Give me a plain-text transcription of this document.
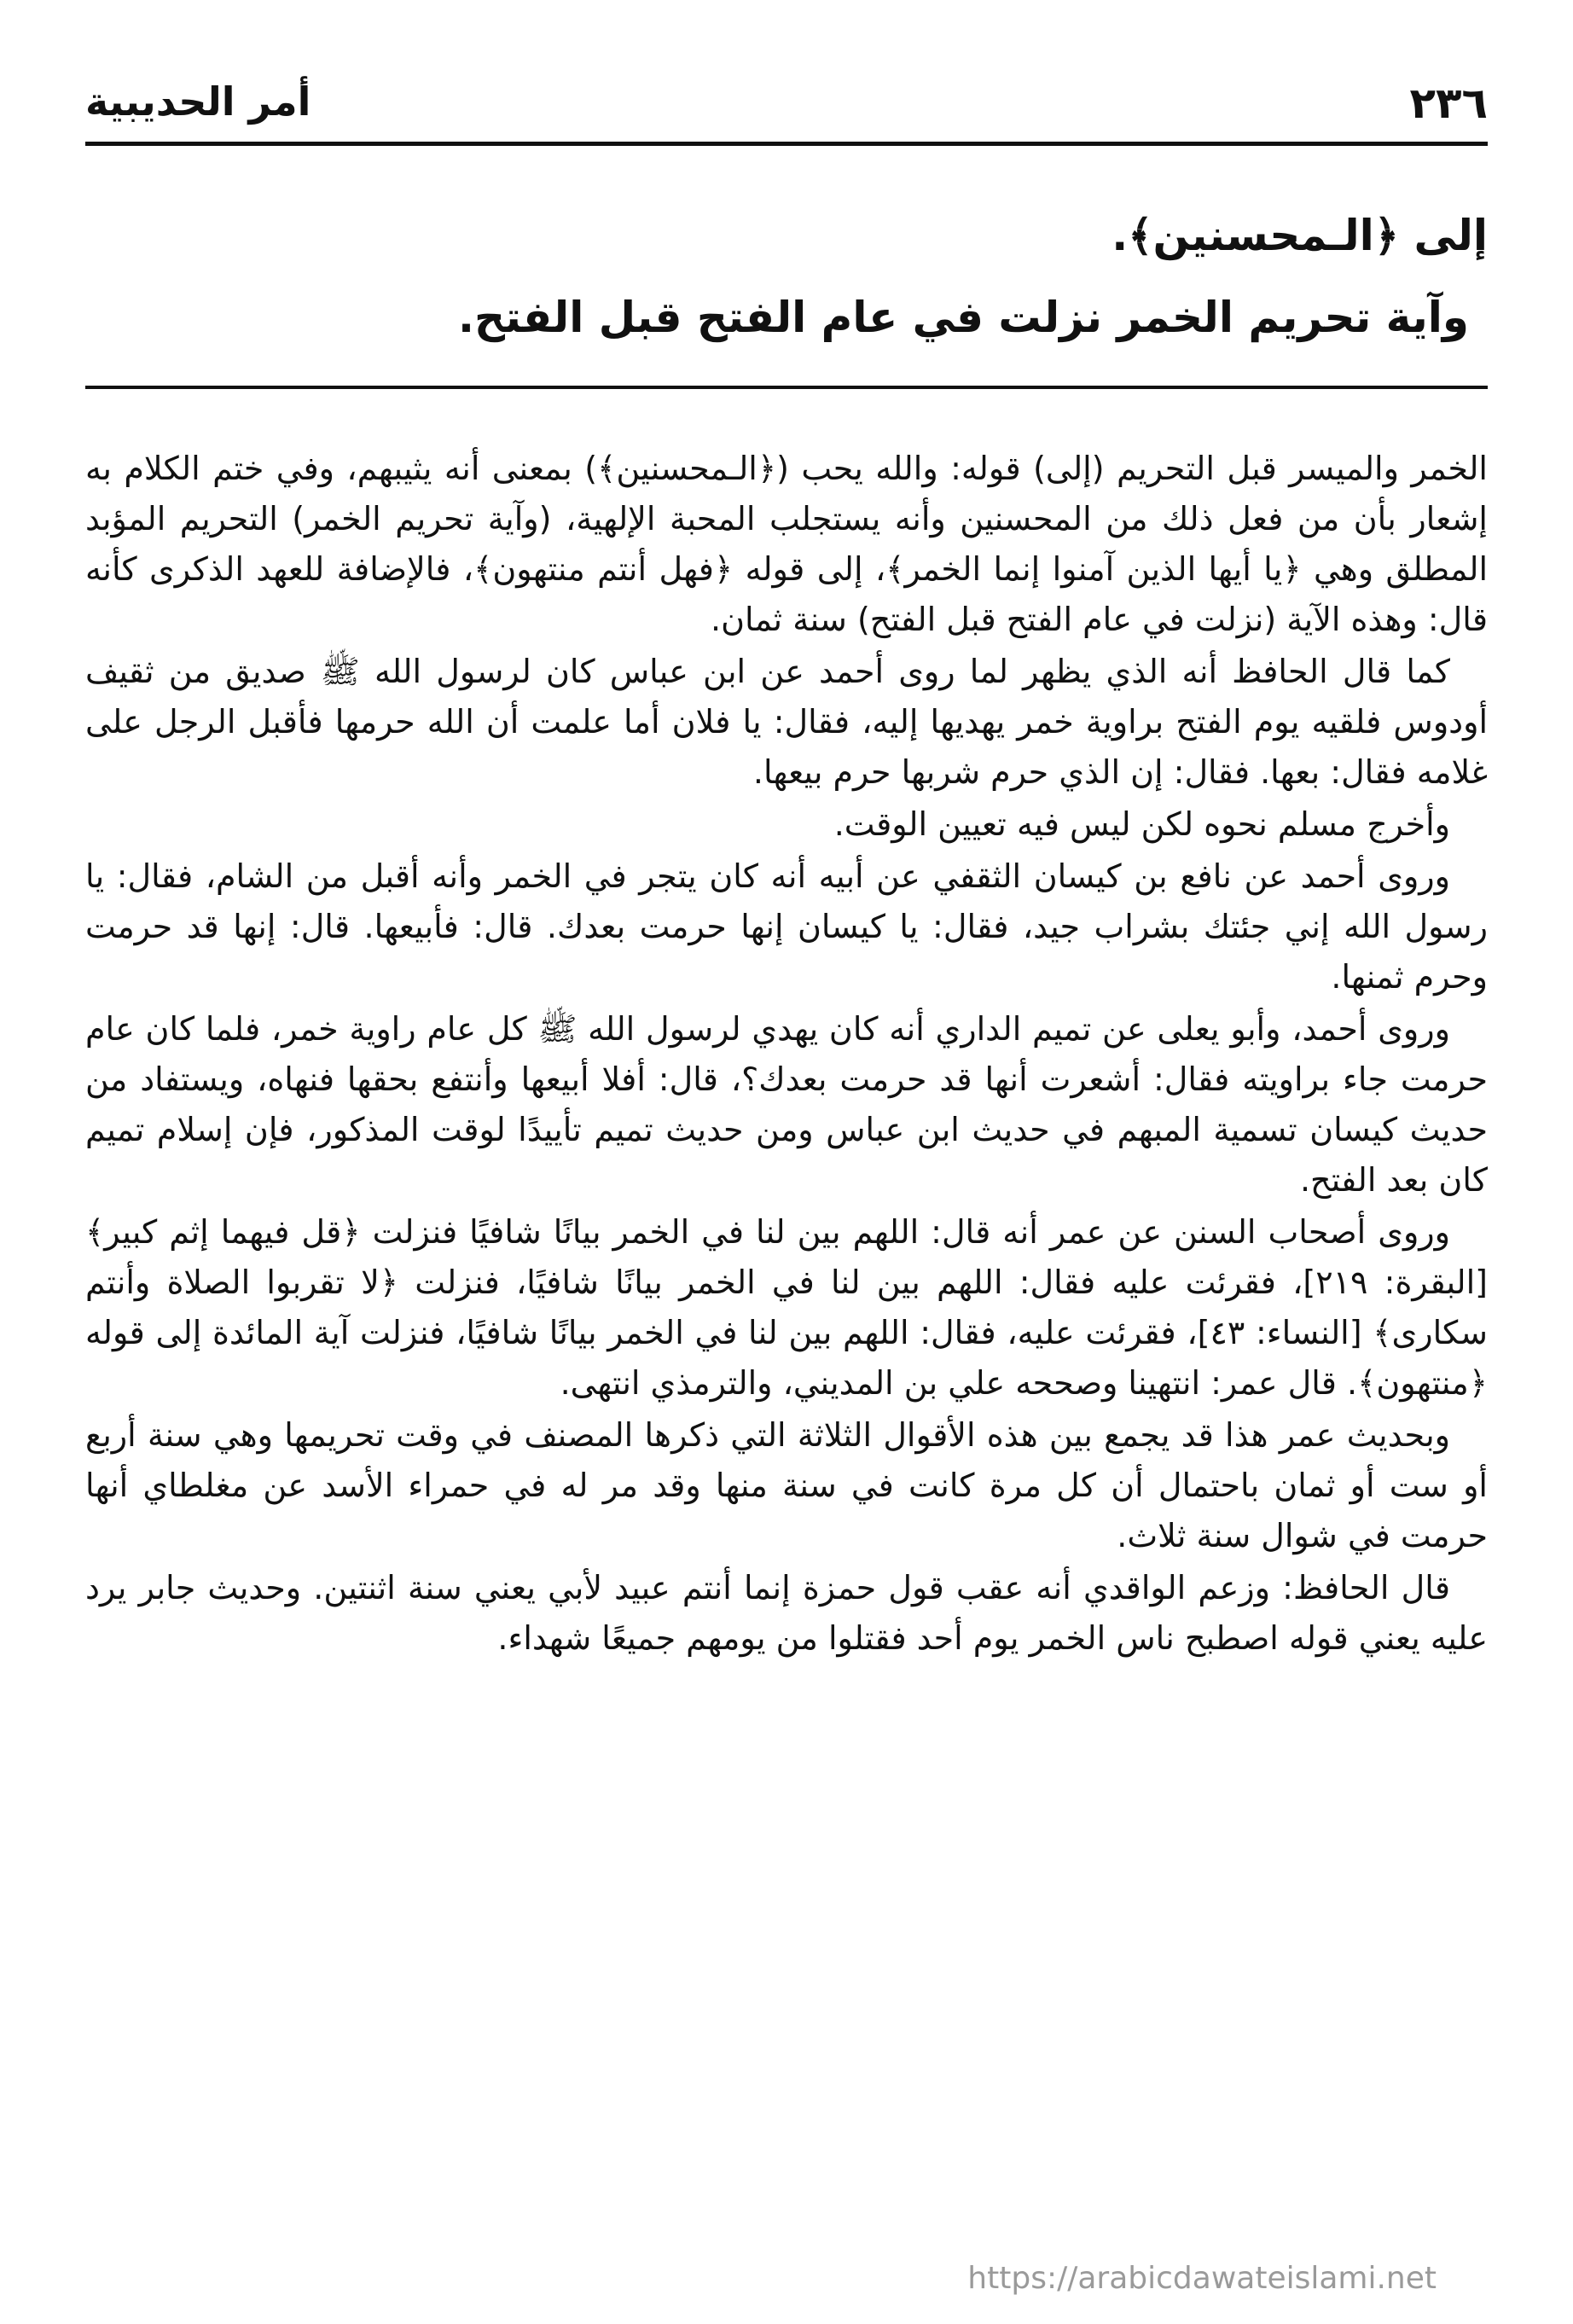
٢٣٦
أمر الحديبية
إلى ﴿الـمحسنين﴾.
وآية تحريم الخمر نزلت في عام الفتح قبل الفتح.

الخمر والميسر قبل التحريم (إلى) قوله: والله يحب (﴿الـمحسنين﴾) بمعنى أنه يثيبهم، وفي ختم الكلام به إشعار بأن من فعل ذلك من المحسنين وأنه يستجلب المحبة الإلهية، (وآية تحريم الخمر) التحريم المؤبد المطلق وهي ﴿يا أيها الذين آمنوا إنما الخمر﴾، إلى قوله ﴿فهل أنتم منتهون﴾، فالإضافة للعهد الذكرى كأنه قال: وهذه الآية (نزلت في عام الفتح قبل الفتح) سنة ثمان.

كما قال الحافظ أنه الذي يظهر لما روى أحمد عن ابن عباس كان لرسول الله ﷺ صديق من ثقيف أودوس فلقيه يوم الفتح براوية خمر يهديها إليه، فقال: يا فلان أما علمت أن الله حرمها فأقبل الرجل على غلامه فقال: بعها. فقال: إن الذي حرم شربها حرم بيعها.

وأخرج مسلم نحوه لكن ليس فيه تعيين الوقت.

وروى أحمد عن نافع بن كيسان الثقفي عن أبيه أنه كان يتجر في الخمر وأنه أقبل من الشام، فقال: يا رسول الله إني جئتك بشراب جيد، فقال: يا كيسان إنها حرمت بعدك. قال: فأبيعها. قال: إنها قد حرمت وحرم ثمنها.

وروى أحمد، وأبو يعلى عن تميم الداري أنه كان يهدي لرسول الله ﷺ كل عام راوية خمر، فلما كان عام حرمت جاء براويته فقال: أشعرت أنها قد حرمت بعدك؟، قال: أفلا أبيعها وأنتفع بحقها فنهاه، ويستفاد من حديث كيسان تسمية المبهم في حديث ابن عباس ومن حديث تميم تأييدًا لوقت المذكور، فإن إسلام تميم كان بعد الفتح.

وروى أصحاب السنن عن عمر أنه قال: اللهم بين لنا في الخمر بيانًا شافيًا فنزلت ﴿قل فيهما إثم كبير﴾ [البقرة: ٢١٩]، فقرئت عليه فقال: اللهم بين لنا في الخمر بيانًا شافيًا، فنزلت ﴿لا تقربوا الصلاة وأنتم سكارى﴾ [النساء: ٤٣]، فقرئت عليه، فقال: اللهم بين لنا في الخمر بيانًا شافيًا، فنزلت آية المائدة إلى قوله ﴿منتهون﴾. قال عمر: انتهينا وصححه علي بن المديني، والترمذي انتهى.

وبحديث عمر هذا قد يجمع بين هذه الأقوال الثلاثة التي ذكرها المصنف في وقت تحريمها وهي سنة أربع أو ست أو ثمان باحتمال أن كل مرة كانت في سنة منها وقد مر له في حمراء الأسد عن مغلطاي أنها حرمت في شوال سنة ثلاث.

قال الحافظ: وزعم الواقدي أنه عقب قول حمزة إنما أنتم عبيد لأبي يعني سنة اثنتين. وحديث جابر يرد عليه يعني قوله اصطبح ناس الخمر يوم أحد فقتلوا من يومهم جميعًا شهداء.

https://arabicdawateislami.net
